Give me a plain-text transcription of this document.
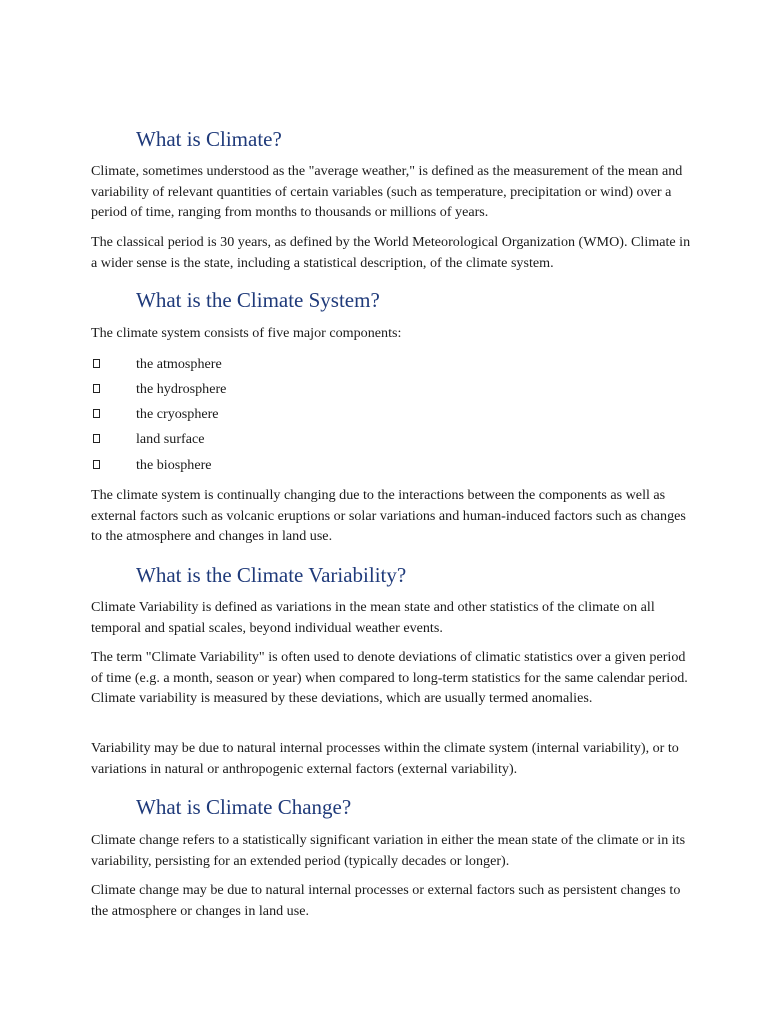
What is Climate?

Climate, sometimes understood as the "average weather," is defined as the measurement of the mean and variability of relevant quantities of certain variables (such as temperature, precipitation or wind) over a period of time, ranging from months to thousands or millions of years.

The classical period is 30 years, as defined by the World Meteorological Organization (WMO). Climate in a wider sense is the state, including a statistical description, of the climate system.

What is the Climate System?

The climate system consists of five major components:

the atmosphere
the hydrosphere
the cryosphere
land surface
the biosphere

The climate system is continually changing due to the interactions between the components as well as external factors such as volcanic eruptions or solar variations and human-induced factors such as changes to the atmosphere and changes in land use.

What is the Climate Variability?

Climate Variability is defined as variations in the mean state and other statistics of the climate on all temporal and spatial scales, beyond individual weather events.

The term "Climate Variability" is often used to denote deviations of climatic statistics over a given period of time (e.g. a month, season or year) when compared to long-term statistics for the same calendar period. Climate variability is measured by these deviations, which are usually termed anomalies.

Variability may be due to natural internal processes within the climate system (internal variability), or to variations in natural or anthropogenic external factors (external variability).

What is Climate Change?

Climate change refers to a statistically significant variation in either the mean state of the climate or in its variability, persisting for an extended period (typically decades or longer).

Climate change may be due to natural internal processes or external factors such as persistent changes to the atmosphere or changes in land use.
